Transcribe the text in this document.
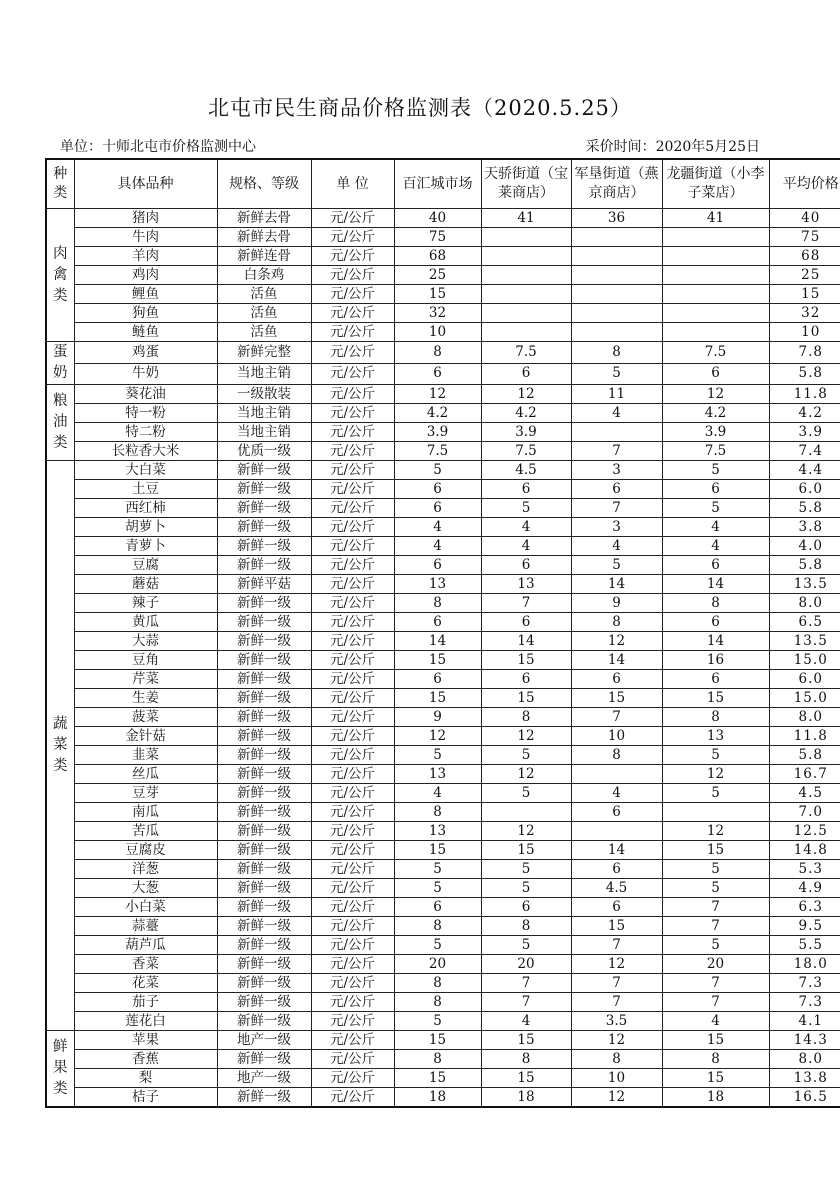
北屯市民生商品价格监测表（2020.5.25）
单位：十师北屯市价格监测中心	采价时间：2020年5月25日
种类	具体品种	规格、等级	单 位	百汇城市场	天骄街道（宝莱商店）	军垦街道（燕京商店）	龙疆街道（小李子菜店）	平均价格
肉禽类	猪肉	新鲜去骨	元/公斤	40	41	36	41	40
	牛肉	新鲜去骨	元/公斤	75				75
	羊肉	新鲜连骨	元/公斤	68				68
	鸡肉	白条鸡	元/公斤	25				25
	鲤鱼	活鱼	元/公斤	15				15
	狗鱼	活鱼	元/公斤	32				32
	鲢鱼	活鱼	元/公斤	10				10
蛋奶	鸡蛋	新鲜完整	元/公斤	8	7.5	8	7.5	7.8
	牛奶	当地主销	元/公斤	6	6	5	6	5.8
粮油类	葵花油	一级散装	元/公斤	12	12	11	12	11.8
	特一粉	当地主销	元/公斤	4.2	4.2	4	4.2	4.2
	特二粉	当地主销	元/公斤	3.9	3.9		3.9	3.9
	长粒香大米	优质一级	元/公斤	7.5	7.5	7	7.5	7.4
蔬菜类	大白菜	新鲜一级	元/公斤	5	4.5	3	5	4.4
	土豆	新鲜一级	元/公斤	6	6	6	6	6.0
	西红柿	新鲜一级	元/公斤	6	5	7	5	5.8
	胡萝卜	新鲜一级	元/公斤	4	4	3	4	3.8
	青萝卜	新鲜一级	元/公斤	4	4	4	4	4.0
	豆腐	新鲜一级	元/公斤	6	6	5	6	5.8
	蘑菇	新鲜平菇	元/公斤	13	13	14	14	13.5
	辣子	新鲜一级	元/公斤	8	7	9	8	8.0
	黄瓜	新鲜一级	元/公斤	6	6	8	6	6.5
	大蒜	新鲜一级	元/公斤	14	14	12	14	13.5
	豆角	新鲜一级	元/公斤	15	15	14	16	15.0
	芹菜	新鲜一级	元/公斤	6	6	6	6	6.0
	生姜	新鲜一级	元/公斤	15	15	15	15	15.0
	菠菜	新鲜一级	元/公斤	9	8	7	8	8.0
	金针菇	新鲜一级	元/公斤	12	12	10	13	11.8
	韭菜	新鲜一级	元/公斤	5	5	8	5	5.8
	丝瓜	新鲜一级	元/公斤	13	12		12	16.7
	豆芽	新鲜一级	元/公斤	4	5	4	5	4.5
	南瓜	新鲜一级	元/公斤	8		6		7.0
	苦瓜	新鲜一级	元/公斤	13	12		12	12.5
	豆腐皮	新鲜一级	元/公斤	15	15	14	15	14.8
	洋葱	新鲜一级	元/公斤	5	5	6	5	5.3
	大葱	新鲜一级	元/公斤	5	5	4.5	5	4.9
	小白菜	新鲜一级	元/公斤	6	6	6	7	6.3
	蒜薹	新鲜一级	元/公斤	8	8	15	7	9.5
	葫芦瓜	新鲜一级	元/公斤	5	5	7	5	5.5
	香菜	新鲜一级	元/公斤	20	20	12	20	18.0
	花菜	新鲜一级	元/公斤	8	7	7	7	7.3
	茄子	新鲜一级	元/公斤	8	7	7	7	7.3
	莲花白	新鲜一级	元/公斤	5	4	3.5	4	4.1
鲜果类	苹果	地产一级	元/公斤	15	15	12	15	14.3
	香蕉	新鲜一级	元/公斤	8	8	8	8	8.0
	梨	地产一级	元/公斤	15	15	10	15	13.8
	桔子	新鲜一级	元/公斤	18	18	12	18	16.5
